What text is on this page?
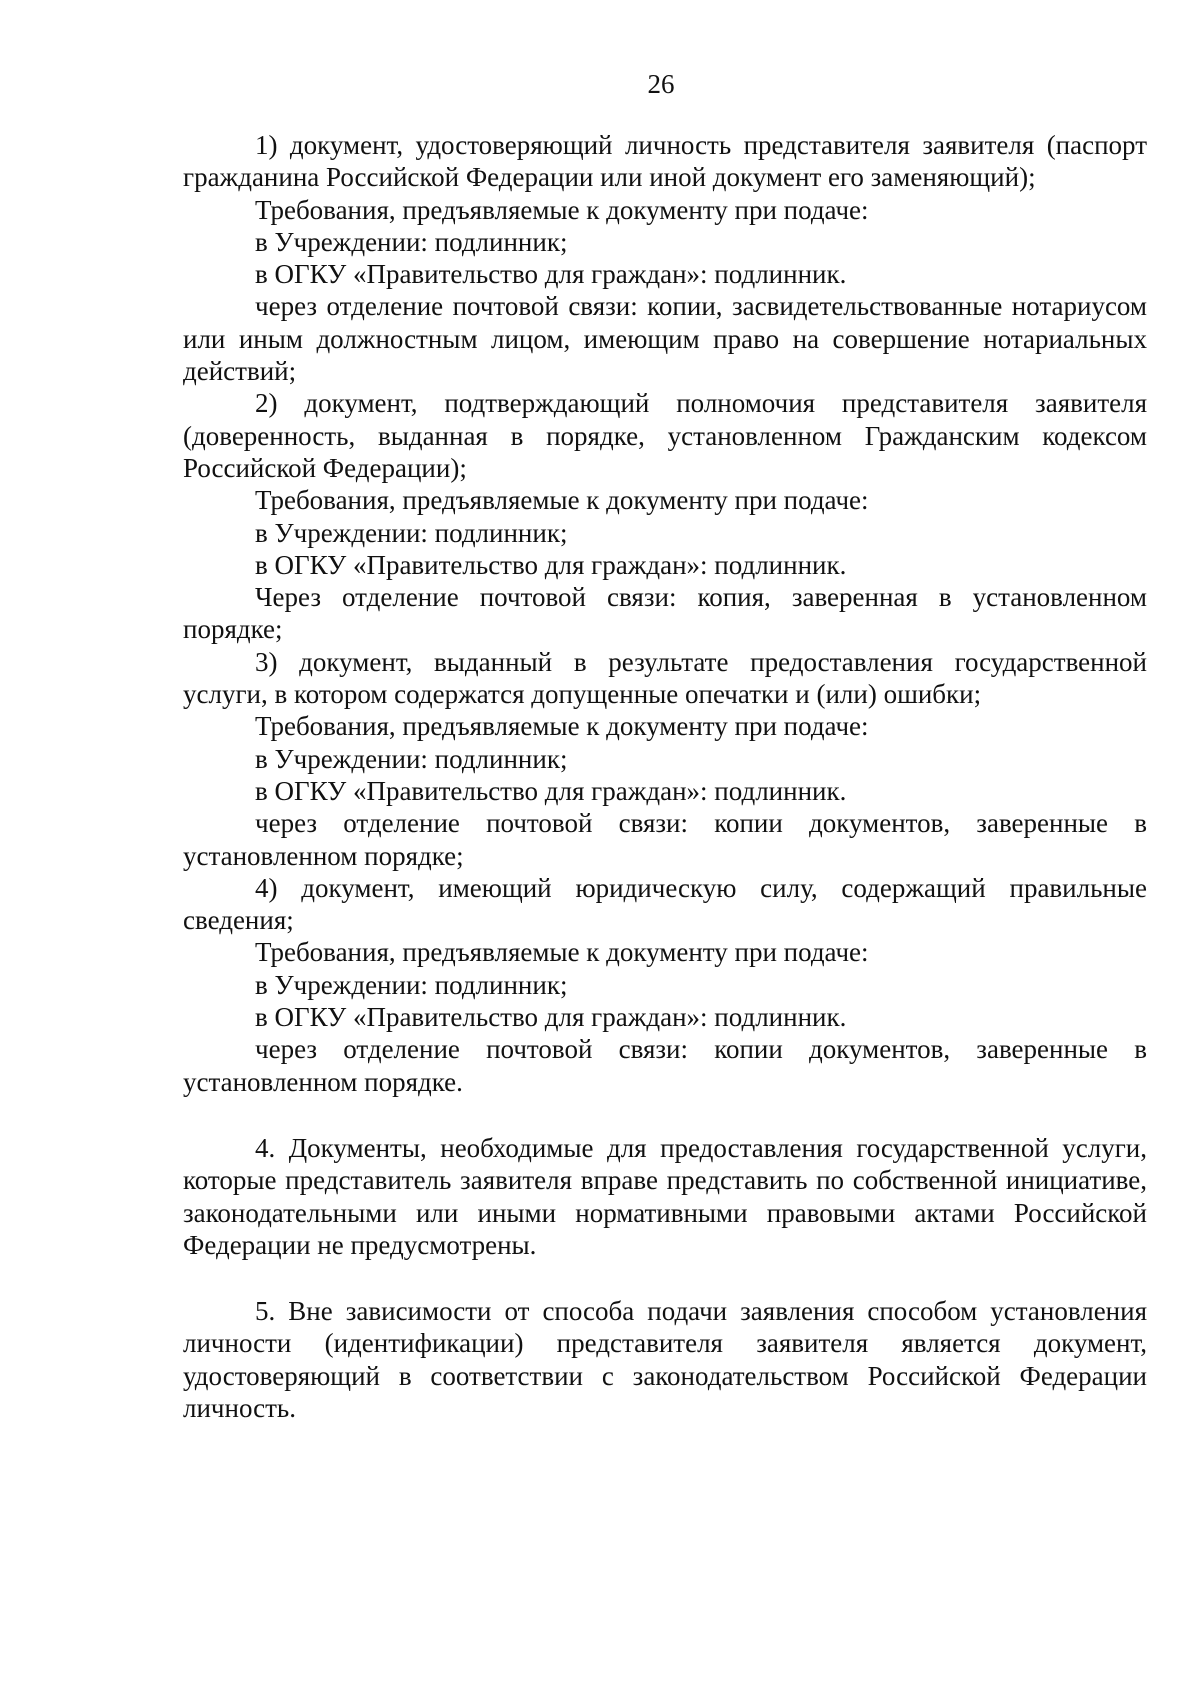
26

1) документ, удостоверяющий личность представителя заявителя (паспорт гражданина Российской Федерации или иной документ его заменяющий);

Требования, предъявляемые к документу при подаче:

в Учреждении: подлинник;

в ОГКУ «Правительство для граждан»: подлинник.

через отделение почтовой связи: копии, засвидетельствованные нотариусом или иным должностным лицом, имеющим право на совершение нотариальных действий;

2) документ, подтверждающий полномочия представителя заявителя (доверенность, выданная в порядке, установленном Гражданским кодексом Российской Федерации);

Требования, предъявляемые к документу при подаче:

в Учреждении: подлинник;

в ОГКУ «Правительство для граждан»: подлинник.

Через отделение почтовой связи: копия, заверенная в установленном порядке;

3) документ, выданный в результате предоставления государственной услуги, в котором содержатся допущенные опечатки и (или) ошибки;

Требования, предъявляемые к документу при подаче:

в Учреждении: подлинник;

в ОГКУ «Правительство для граждан»: подлинник.

через отделение почтовой связи: копии документов, заверенные в установленном порядке;

4) документ, имеющий юридическую силу, содержащий правильные сведения;

Требования, предъявляемые к документу при подаче:

в Учреждении: подлинник;

в ОГКУ «Правительство для граждан»: подлинник.

через отделение почтовой связи: копии документов, заверенные в установленном порядке.

4. Документы, необходимые для предоставления государственной услуги, которые представитель заявителя вправе представить по собственной инициативе, законодательными или иными нормативными правовыми актами Российской Федерации не предусмотрены.

5. Вне зависимости от способа подачи заявления способом установления личности (идентификации) представителя заявителя является документ, удостоверяющий в соответствии с законодательством Российской Федерации личность.
